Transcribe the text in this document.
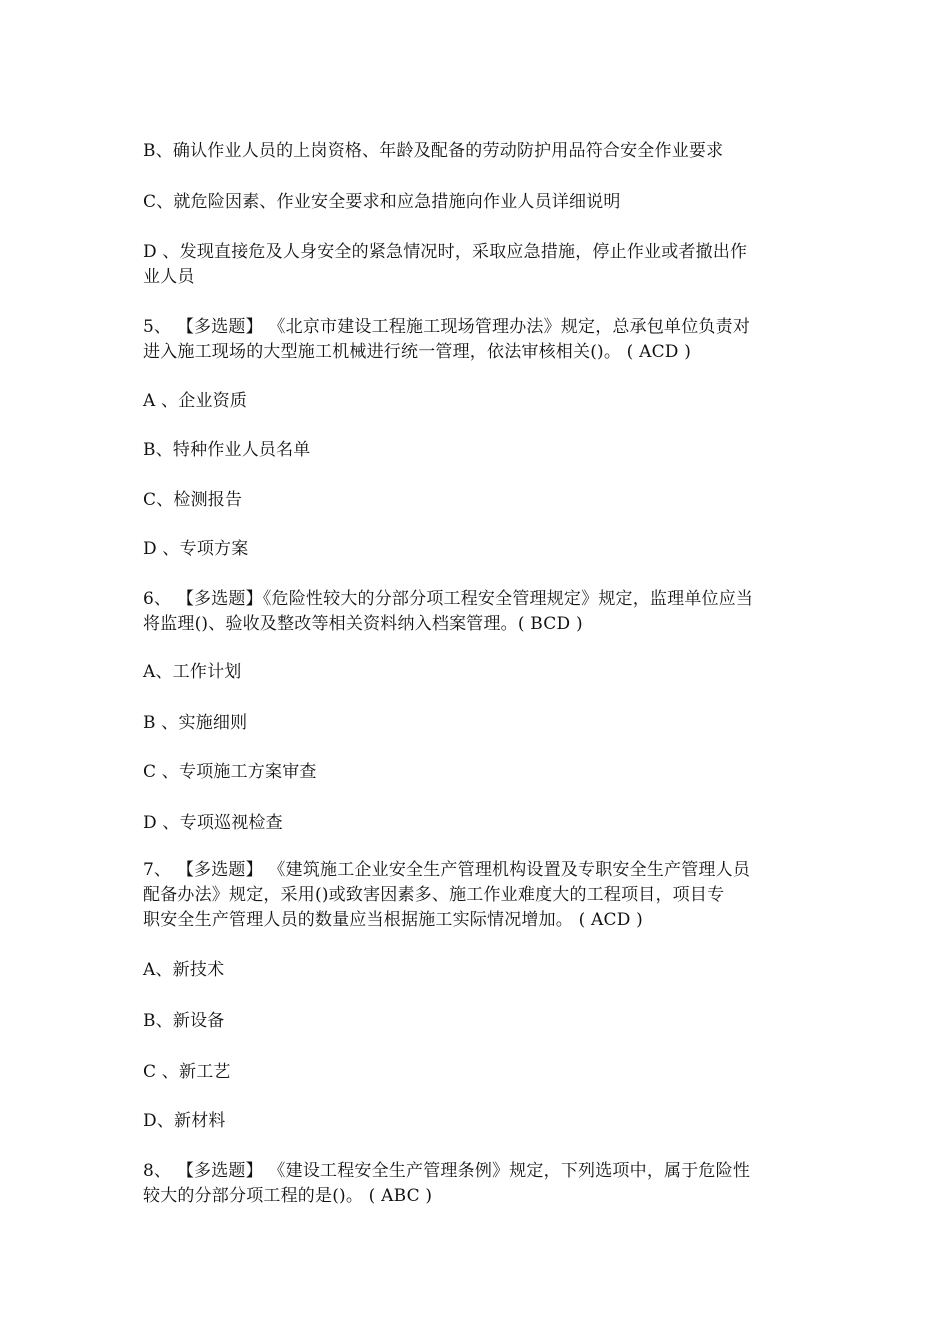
B、确认作业人员的上岗资格、年龄及配备的劳动防护用品符合安全作业要求
C、就危险因素、作业安全要求和应急措施向作业人员详细说明
D 、发现直接危及人身安全的紧急情况时，采取应急措施，停止作业或者撤出作
业人员
5、 【多选题】 《北京市建设工程施工现场管理办法》规定，总承包单位负责对
进入施工现场的大型施工机械进行统一管理，依法审核相关()。 ( ACD )
A 、企业资质
B、特种作业人员名单
C、检测报告
D 、专项方案
6、 【多选题】《危险性较大的分部分项工程安全管理规定》规定，监理单位应当
将监理()、验收及整改等相关资料纳入档案管理。( BCD )
A、工作计划
B 、实施细则
C 、专项施工方案审查
D 、专项巡视检查
7、 【多选题】 《建筑施工企业安全生产管理机构设置及专职安全生产管理人员
配备办法》规定，采用()或致害因素多、施工作业难度大的工程项目，项目专
职安全生产管理人员的数量应当根据施工实际情况增加。 ( ACD )
A、新技术
B、新设备
C 、新工艺
D、新材料
8、 【多选题】 《建设工程安全生产管理条例》规定，下列选项中，属于危险性
较大的分部分项工程的是()。 ( ABC )
